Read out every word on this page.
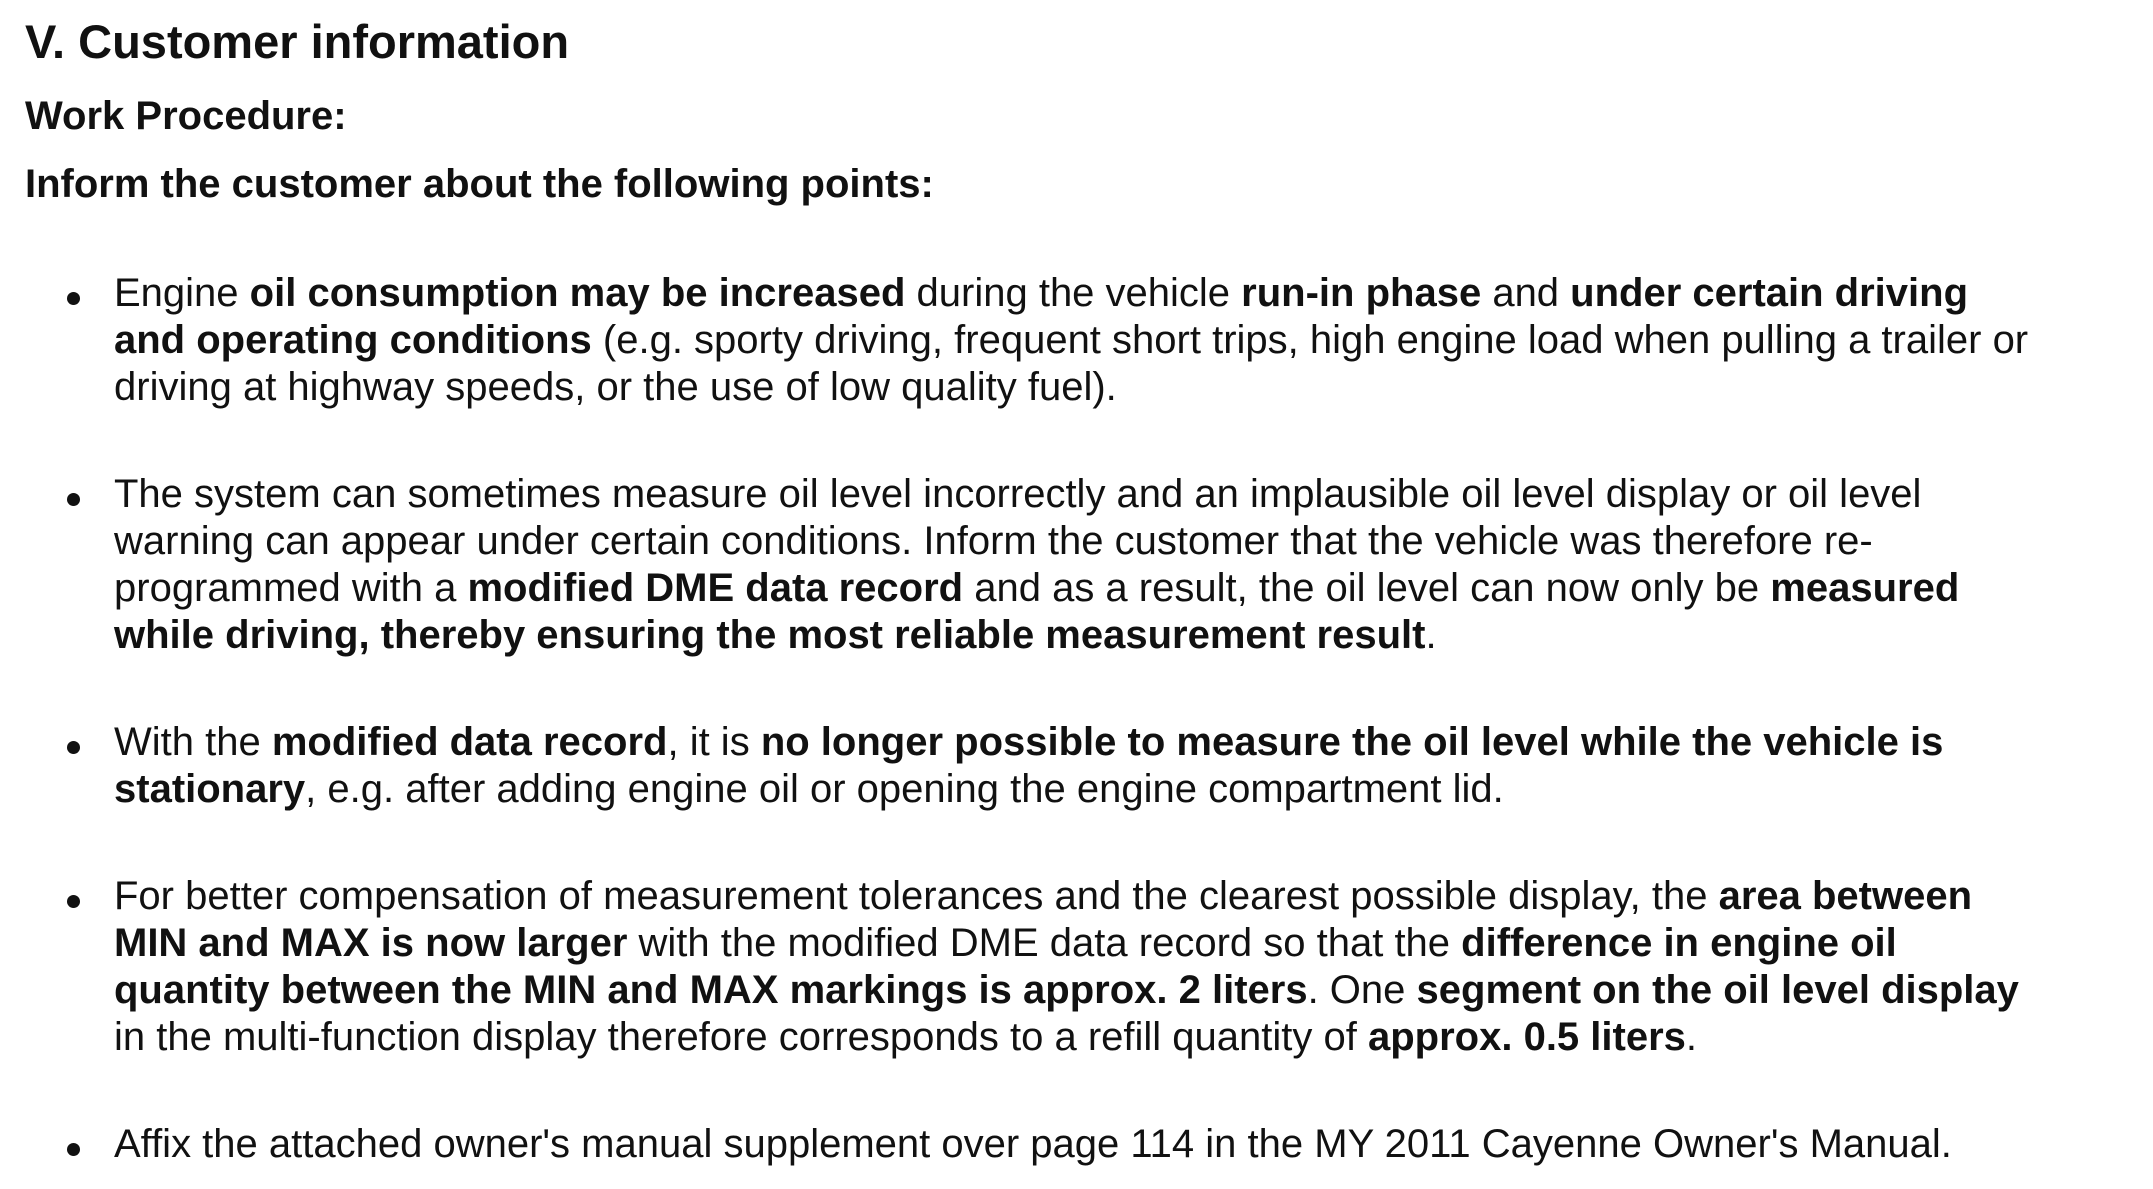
V. Customer information
Work Procedure:
Inform the customer about the following points:

Engine oil consumption may be increased during the vehicle run-in phase and under certain driving
and operating conditions (e.g. sporty driving, frequent short trips, high engine load when pulling a trailer or
driving at highway speeds, or the use of low quality fuel).

The system can sometimes measure oil level incorrectly and an implausible oil level display or oil level
warning can appear under certain conditions. Inform the customer that the vehicle was therefore re-
programmed with a modified DME data record and as a result, the oil level can now only be measured
while driving, thereby ensuring the most reliable measurement result.

With the modified data record, it is no longer possible to measure the oil level while the vehicle is
stationary, e.g. after adding engine oil or opening the engine compartment lid.

For better compensation of measurement tolerances and the clearest possible display, the area between
MIN and MAX is now larger with the modified DME data record so that the difference in engine oil
quantity between the MIN and MAX markings is approx. 2 liters. One segment on the oil level display
in the multi-function display therefore corresponds to a refill quantity of approx. 0.5 liters.

Affix the attached owner's manual supplement over page 114 in the MY 2011 Cayenne Owner's Manual.
